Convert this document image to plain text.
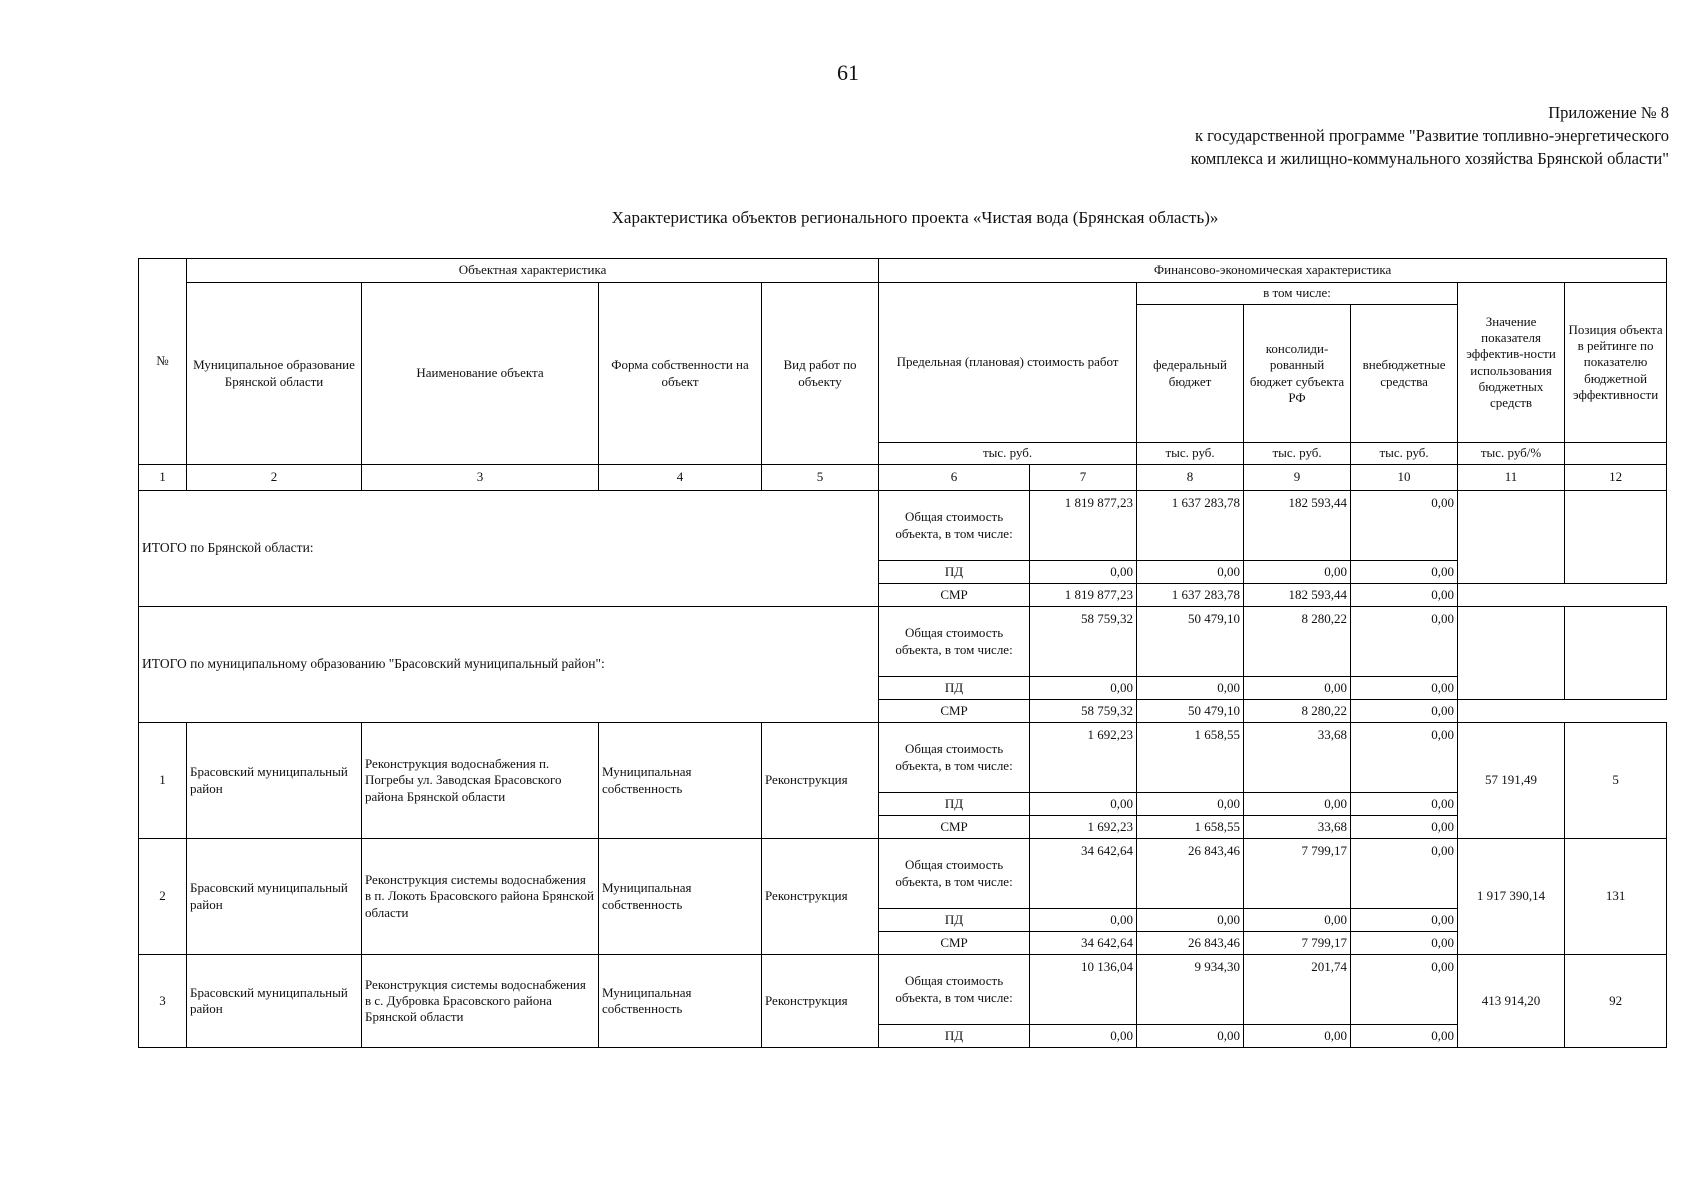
61
Приложение № 8
к государственной программе "Развитие топливно-энергетического
комплекса и жилищно-коммунального хозяйства Брянской области"
Характеристика объектов регионального проекта «Чистая вода (Брянская область)»
№	Объектная характеристика				Финансово-экономическая характеристика						
	Муниципальное образование Брянской области	Наименование объекта	Форма собственности на объект	Вид работ по объекту	Предельная (плановая) стоимость работ		в том числе:			Значение показателя эффектив-ности использования бюджетных средств	Позиция объекта в рейтинге по показателю бюджетной эффективности
							федеральный бюджет	консолиди-рованный бюджет субъекта РФ	внебюджетные средства		
					тыс. руб.		тыс. руб.	тыс. руб.	тыс. руб.	тыс. руб/%	
1	2	3	4	5	6	7	8	9	10	11	12
ИТОГО по Брянской области:					Общая стоимость объекта, в том числе:	1 819 877,23	1 637 283,78	182 593,44	0,00		
					ПД	0,00	0,00	0,00	0,00		
					СМР	1 819 877,23	1 637 283,78	182 593,44	0,00		
ИТОГО по муниципальному образованию "Брасовский муниципальный район":					Общая стоимость объекта, в том числе:	58 759,32	50 479,10	8 280,22	0,00		
					ПД	0,00	0,00	0,00	0,00		
					СМР	58 759,32	50 479,10	8 280,22	0,00		
1	Брасовский муниципальный район	Реконструкция водоснабжения п. Погребы ул. Заводская Брасовского района Брянской области	Муниципальная собственность	Реконструкция	Общая стоимость объекта, в том числе:	1 692,23	1 658,55	33,68	0,00	57 191,49	5
					ПД	0,00	0,00	0,00	0,00		
					СМР	1 692,23	1 658,55	33,68	0,00		
2	Брасовский муниципальный район	Реконструкция системы водоснабжения в п. Локоть Брасовского района Брянской области	Муниципальная собственность	Реконструкция	Общая стоимость объекта, в том числе:	34 642,64	26 843,46	7 799,17	0,00	1 917 390,14	131
					ПД	0,00	0,00	0,00	0,00		
					СМР	34 642,64	26 843,46	7 799,17	0,00		
3	Брасовский муниципальный район	Реконструкция системы водоснабжения в с. Дубровка Брасовского района Брянской области	Муниципальная собственность	Реконструкция	Общая стоимость объекта, в том числе:	10 136,04	9 934,30	201,74	0,00	413 914,20	92
					ПД	0,00	0,00	0,00	0,00		
